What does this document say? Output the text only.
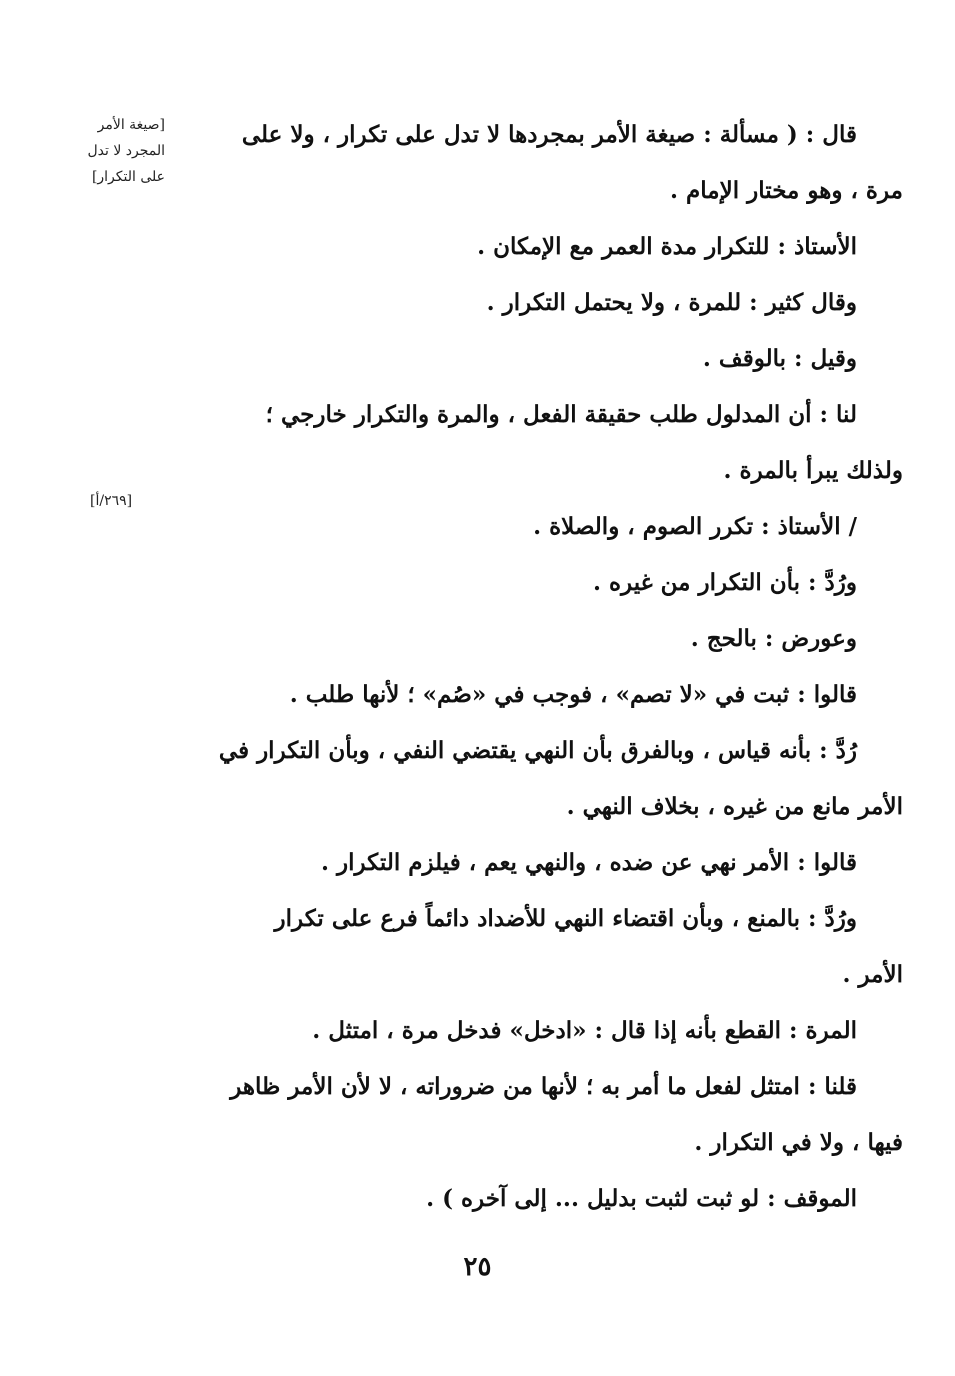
[صيغة الأمر
المجرد لا تدل
على التكرار]
[٢٦٩/أ]
قال : ( مسألة : صيغة الأمر بمجردها لا تدل على تكرار ، ولا على
مرة ، وهو مختار الإمام .
الأستاذ : للتكرار مدة العمر مع الإمكان .
وقال كثير : للمرة ، ولا يحتمل التكرار .
وقيل : بالوقف .
لنا : أن المدلول طلب حقيقة الفعل ، والمرة والتكرار خارجي ؛
ولذلك يبرأ بالمرة .
/ الأستاذ : تكرر الصوم ، والصلاة .
ورُدَّ : بأن التكرار من غيره .
وعورض : بالحج .
قالوا : ثبت في «لا تصم» ، فوجب في «صُم» ؛ لأنها طلب .
رُدَّ : بأنه قياس ، وبالفرق بأن النهي يقتضي النفي ، وبأن التكرار في
الأمر مانع من غيره ، بخلاف النهي .
قالوا : الأمر نهي عن ضده ، والنهي يعم ، فيلزم التكرار .
ورُدَّ : بالمنع ، وبأن اقتضاء النهي للأضداد دائماً فرع على تكرار
الأمر .
المرة : القطع بأنه إذا قال : «ادخل» فدخل مرة ، امتثل .
قلنا : امتثل لفعل ما أمر به ؛ لأنها من ضروراته ، لا لأن الأمر ظاهر
فيها ، ولا في التكرار .
الموقف : لو ثبت لثبت بدليل ... إلى آخره ) .
٢٥
